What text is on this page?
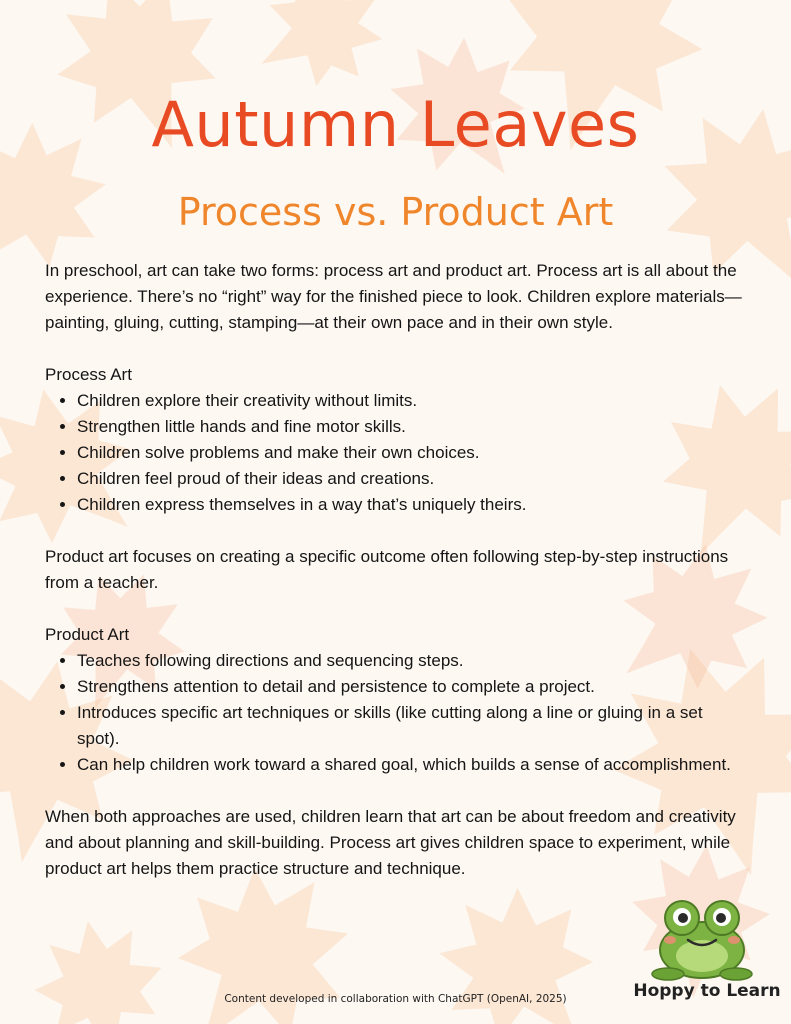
Autumn Leaves
Process vs. Product Art

In preschool, art can take two forms: process art and product art. Process art is all about the experience. There’s no “right” way for the finished piece to look. Children explore materials—painting, gluing, cutting, stamping—at their own pace and in their own style.

Process Art

• Children explore their creativity without limits.
• Strengthen little hands and fine motor skills.
• Children solve problems and make their own choices.
• Children feel proud of their ideas and creations.
• Children express themselves in a way that’s uniquely theirs.

Product art focuses on creating a specific outcome often following step-by-step instructions from a teacher.

Product Art

• Teaches following directions and sequencing steps.
• Strengthens attention to detail and persistence to complete a project.
• Introduces specific art techniques or skills (like cutting along a line or gluing in a set spot).
• Can help children work toward a shared goal, which builds a sense of accomplishment.

When both approaches are used, children learn that art can be about freedom and creativity and about planning and skill-building. Process art gives children space to experiment, while product art helps them practice structure and technique.

Hoppy to Learn
Content developed in collaboration with ChatGPT (OpenAI, 2025)
